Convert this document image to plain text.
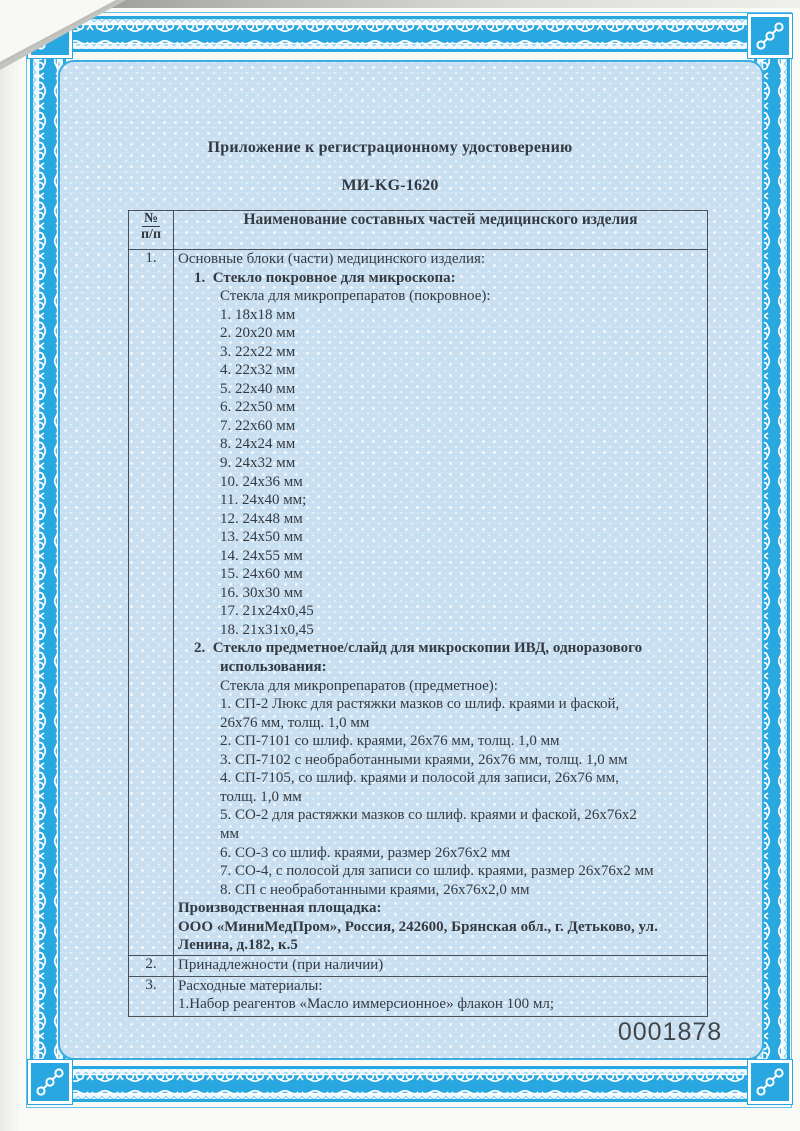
Приложение к регистрационному удостоверению
МИ-KG-1620
№
п/п	Наименование составных частей медицинского изделия
1.	Основные блоки (части) медицинского изделия:
1.  Стекло покровное для микроскопа:
Стекла для микропрепаратов (покровное):
1. 18х18 мм
2. 20х20 мм
3. 22х22 мм
4. 22х32 мм
5. 22х40 мм
6. 22х50 мм
7. 22х60 мм
8. 24х24 мм
9. 24х32 мм
10. 24х36 мм
11. 24х40 мм;
12. 24х48 мм
13. 24х50 мм
14. 24х55 мм
15. 24х60 мм
16. 30х30 мм
17. 21х24х0,45
18. 21х31х0,45
2.  Стекло предметное/слайд для микроскопии ИВД, одноразового
использования:
Стекла для микропрепаратов (предметное):
1. СП-2 Люкс для растяжки мазков со шлиф. краями и фаской,
26х76 мм, толщ. 1,0 мм
2. СП-7101 со шлиф. краями, 26х76 мм, толщ. 1,0 мм
3. СП-7102 с необработанными краями, 26х76 мм, толщ. 1,0 мм
4. СП-7105, со шлиф. краями и полосой для записи, 26х76 мм,
толщ. 1,0 мм
5. СО-2 для растяжки мазков со шлиф. краями и фаской, 26х76х2
мм
6. СО-3 со шлиф. краями, размер 26х76х2 мм
7. СО-4, с полосой для записи со шлиф. краями, размер 26х76х2 мм
8. СП с необработанными краями, 26х76х2,0 мм
Производственная площадка:
ООО «МиниМедПром», Россия, 242600, Брянская обл., г. Детьково, ул.
Ленина, д.182, к.5

2.	Принадлежности (при наличии)

3.	Расходные материалы:
1.Набор реагентов «Масло иммерсионное» флакон 100 мл;
0001878
